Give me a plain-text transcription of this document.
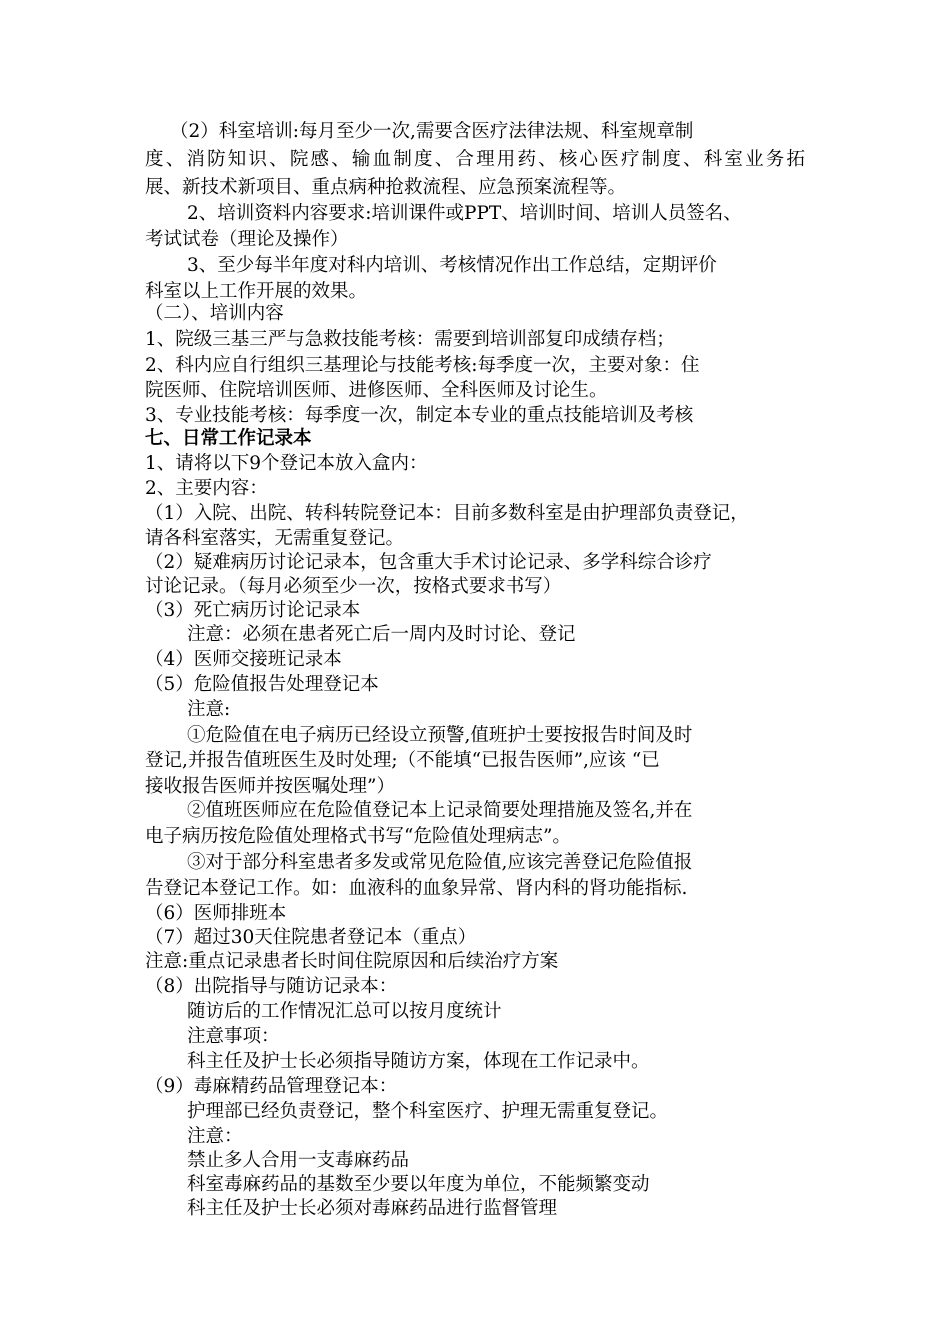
（2）科室培训:每月至少一次,需要含医疗法律法规、科室规章制
度、消防知识、院感、输血制度、合理用药、核心医疗制度、科室业务拓
展、新技术新项目、重点病种抢救流程、应急预案流程等。
2、培训资料内容要求:培训课件或PPT、培训时间、培训人员签名、
考试试卷（理论及操作）
3、至少每半年度对科内培训、考核情况作出工作总结，定期评价
科室以上工作开展的效果。
（二）、培训内容
1、院级三基三严与急救技能考核：需要到培训部复印成绩存档；
2、科内应自行组织三基理论与技能考核:每季度一次，主要对象：住
院医师、住院培训医师、进修医师、全科医师及讨论生。
3、专业技能考核：每季度一次，制定本专业的重点技能培训及考核
七、日常工作记录本
1、请将以下9个登记本放入盒内：
2、主要内容：
（1）入院、出院、转科转院登记本：目前多数科室是由护理部负责登记，
请各科室落实，无需重复登记。
（2）疑难病历讨论记录本，包含重大手术讨论记录、多学科综合诊疗
讨论记录。（每月必须至少一次，按格式要求书写）
（3）死亡病历讨论记录本
注意：必须在患者死亡后一周内及时讨论、登记
（4）医师交接班记录本
（5）危险值报告处理登记本
注意:
①危险值在电子病历已经设立预警,值班护士要按报告时间及时
登记,并报告值班医生及时处理;（不能填“已报告医师”,应该 “已
接收报告医师并按医嘱处理”）
②值班医师应在危险值登记本上记录简要处理措施及签名,并在
电子病历按危险值处理格式书写“危险值处理病志”。
③对于部分科室患者多发或常见危险值,应该完善登记危险值报
告登记本登记工作。如：血液科的血象异常、肾内科的肾功能指标.
（6）医师排班本
（7）超过30天住院患者登记本（重点）
注意:重点记录患者长时间住院原因和后续治疗方案
（8）出院指导与随访记录本：
随访后的工作情况汇总可以按月度统计
注意事项：
科主任及护士长必须指导随访方案，体现在工作记录中。
（9）毒麻精药品管理登记本：
护理部已经负责登记，整个科室医疗、护理无需重复登记。
注意：
禁止多人合用一支毒麻药品
科室毒麻药品的基数至少要以年度为单位，不能频繁变动
科主任及护士长必须对毒麻药品进行监督管理
